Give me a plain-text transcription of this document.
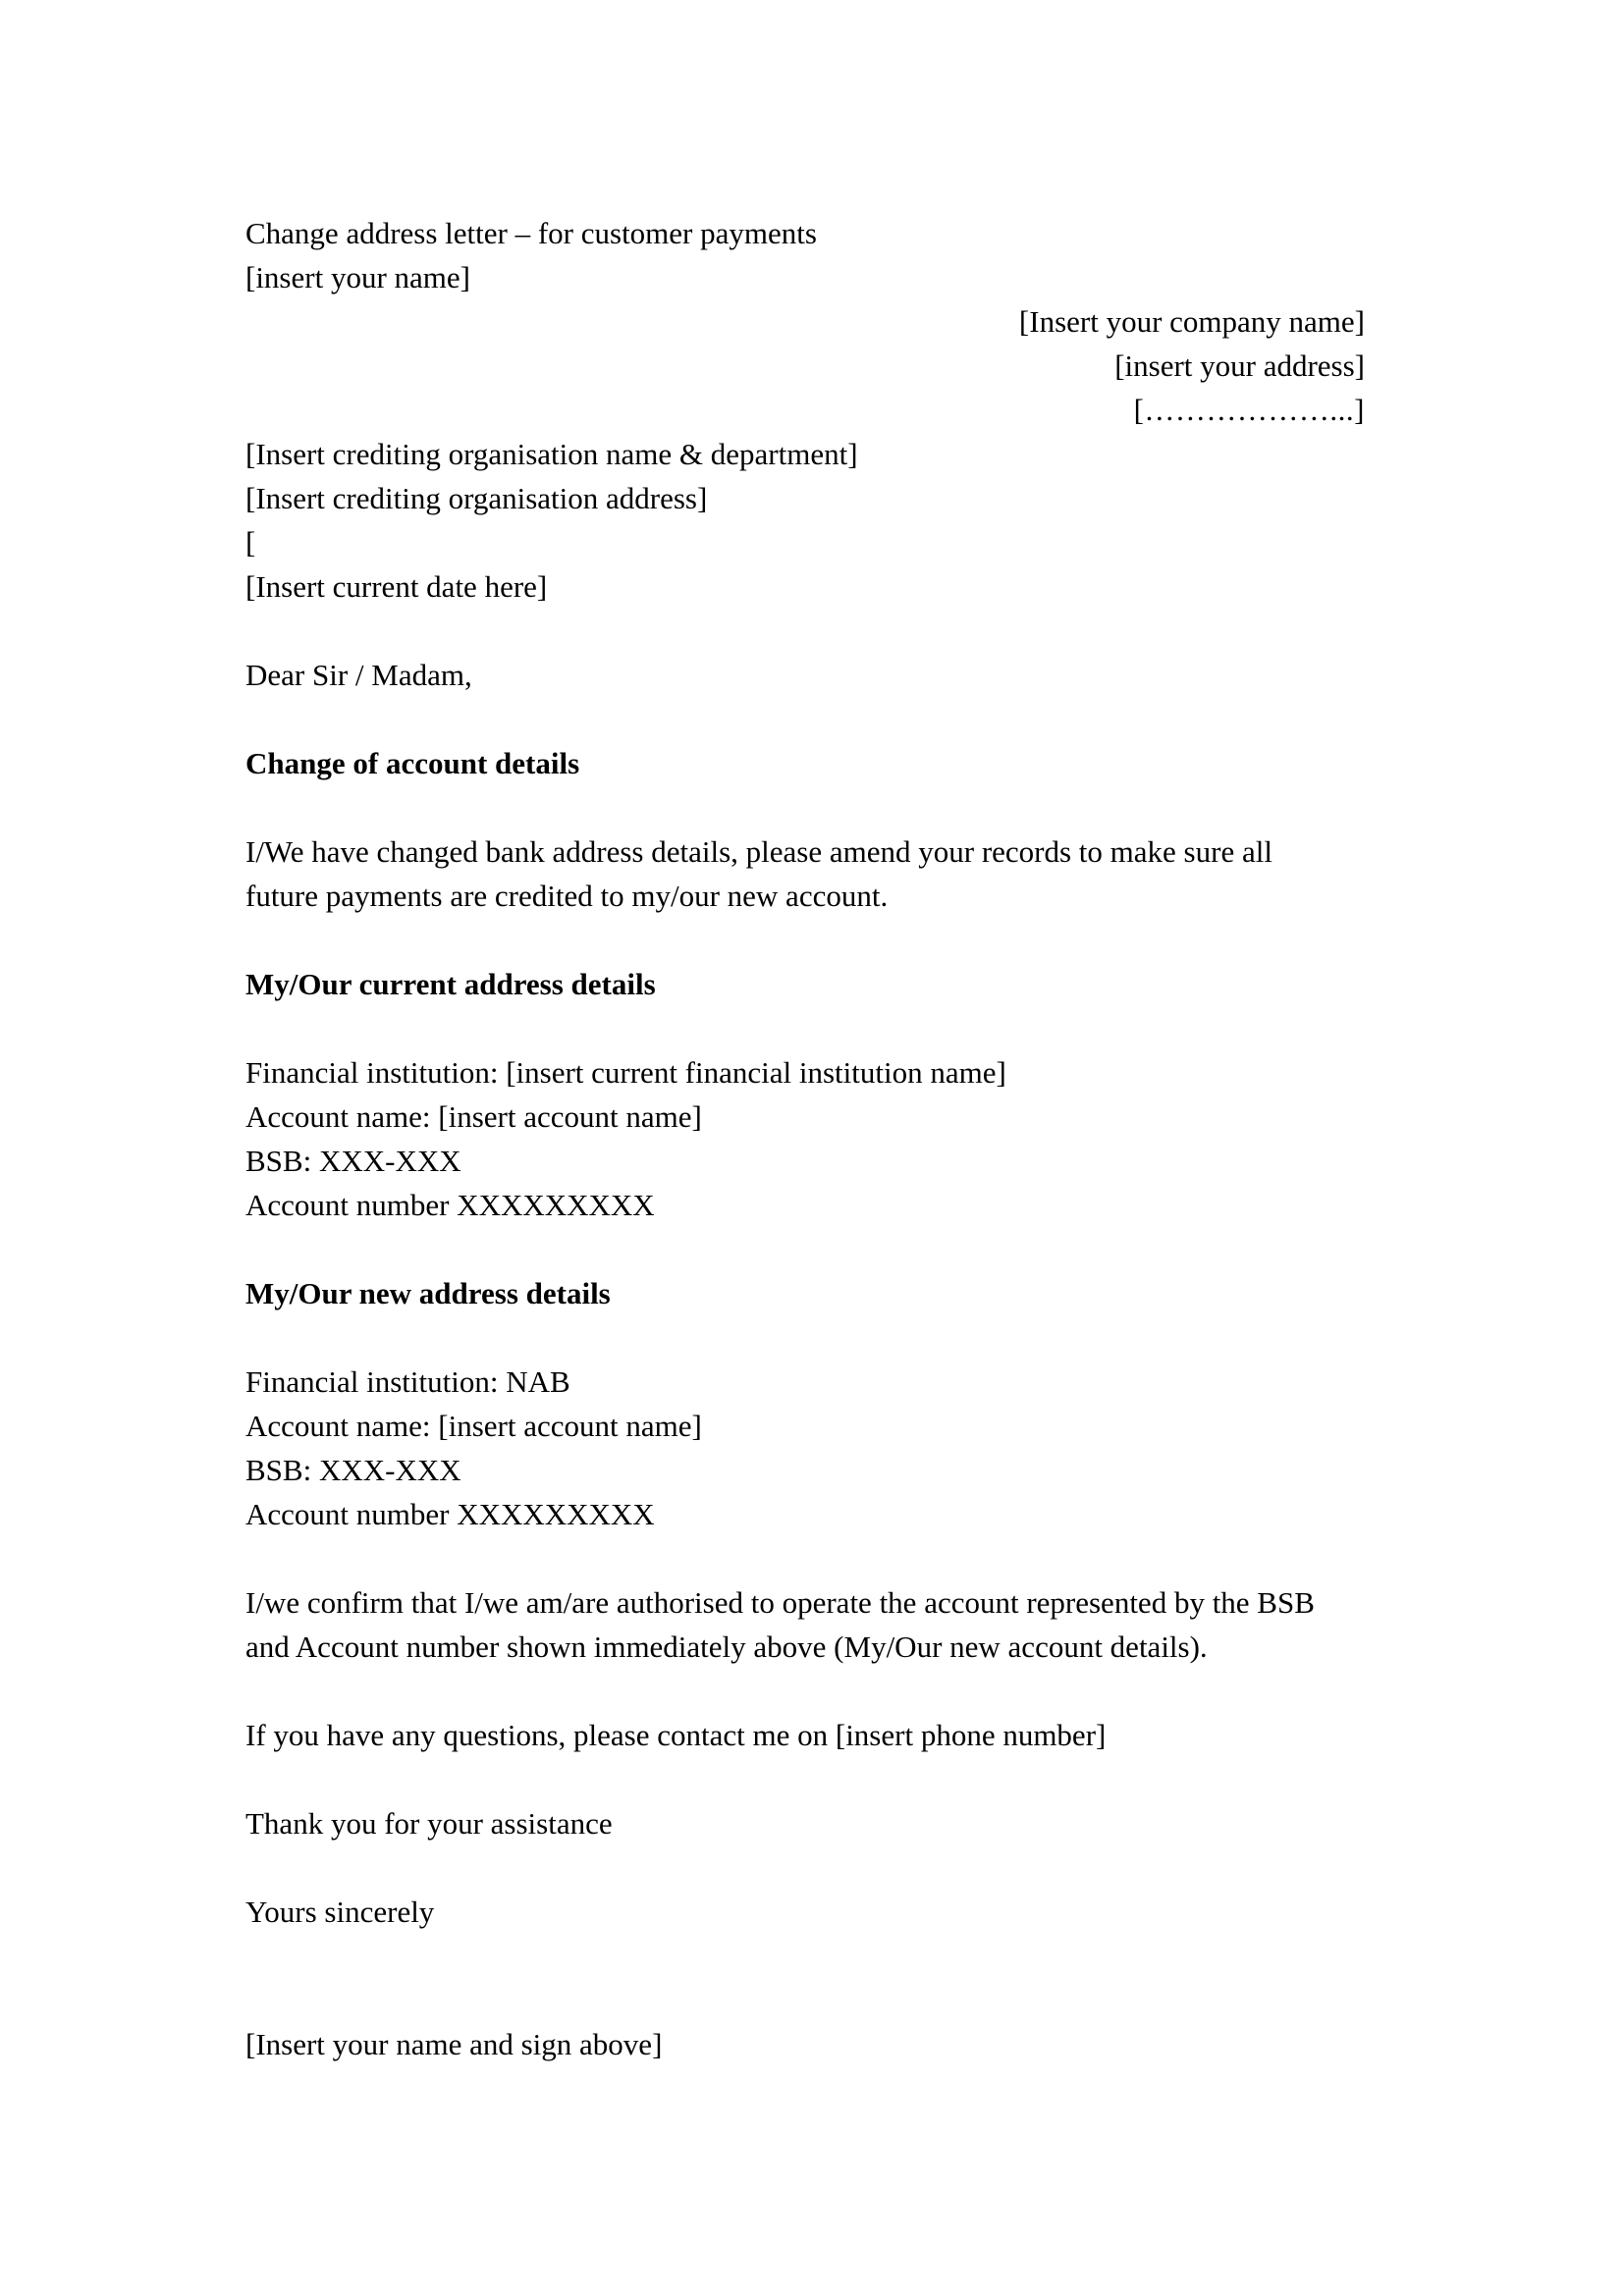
Change address letter – for customer payments
[insert your name]
[Insert your company name]
[insert your address]
[………………...]
[Insert crediting organisation name & department]
[Insert crediting organisation address]
[
[Insert current date here]
Dear Sir / Madam,
Change of account details
I/We have changed bank address details, please amend your records to make sure all future payments are credited to my/our new account.
My/Our current address details
Financial institution: [insert current financial institution name]
Account name: [insert account name]
BSB: XXX-XXX
Account number XXXXXXXXX
My/Our new address details
Financial institution: NAB
Account name: [insert account name]
BSB: XXX-XXX
Account number XXXXXXXXX
I/we confirm that I/we am/are authorised to operate the account represented by the BSB and Account number shown immediately above (My/Our new account details).
If you have any questions, please contact me on [insert phone number]
Thank you for your assistance
Yours sincerely
[Insert your name and sign above]
